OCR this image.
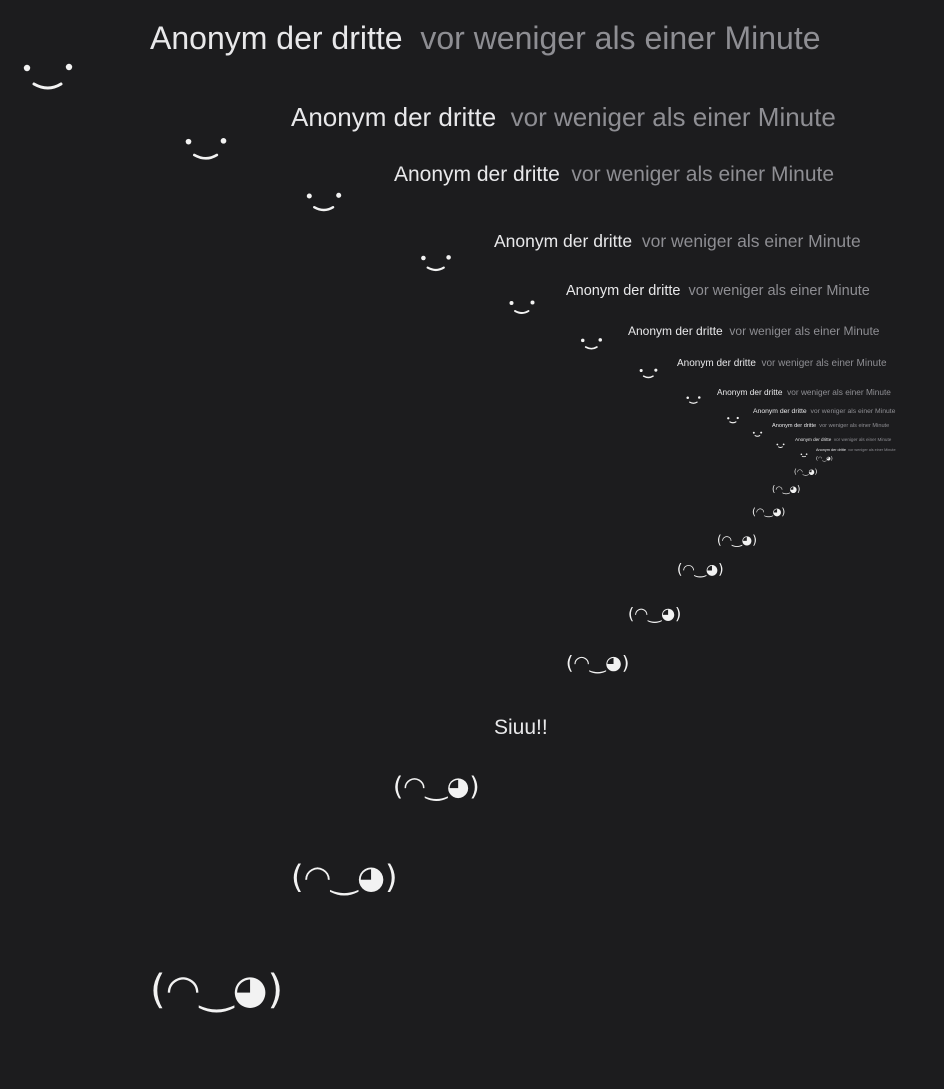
Anonym der dritte vor weniger als einer Minute
Anonym der dritte vor weniger als einer Minute
Anonym der dritte vor weniger als einer Minute
Anonym der dritte vor weniger als einer Minute
Anonym der dritte vor weniger als einer Minute
Anonym der dritte vor weniger als einer Minute
Anonym der dritte vor weniger als einer Minute
Anonym der dritte vor weniger als einer Minute
Anonym der dritte vor weniger als einer Minute
Anonym der dritte vor weniger als einer Minute
Anonym der dritte vor weniger als einer Minute
Anonym der dritte vor weniger als einer Minute
(◠‿◕)
(◠‿◕)
(◠‿◕)
(◠‿◕)
(◠‿◕)
(◠‿◕)
(◠‿◕)
(◠‿◕)
Siuu!!
(◠‿◕)
(◠‿◕)
(◠‿◕)
